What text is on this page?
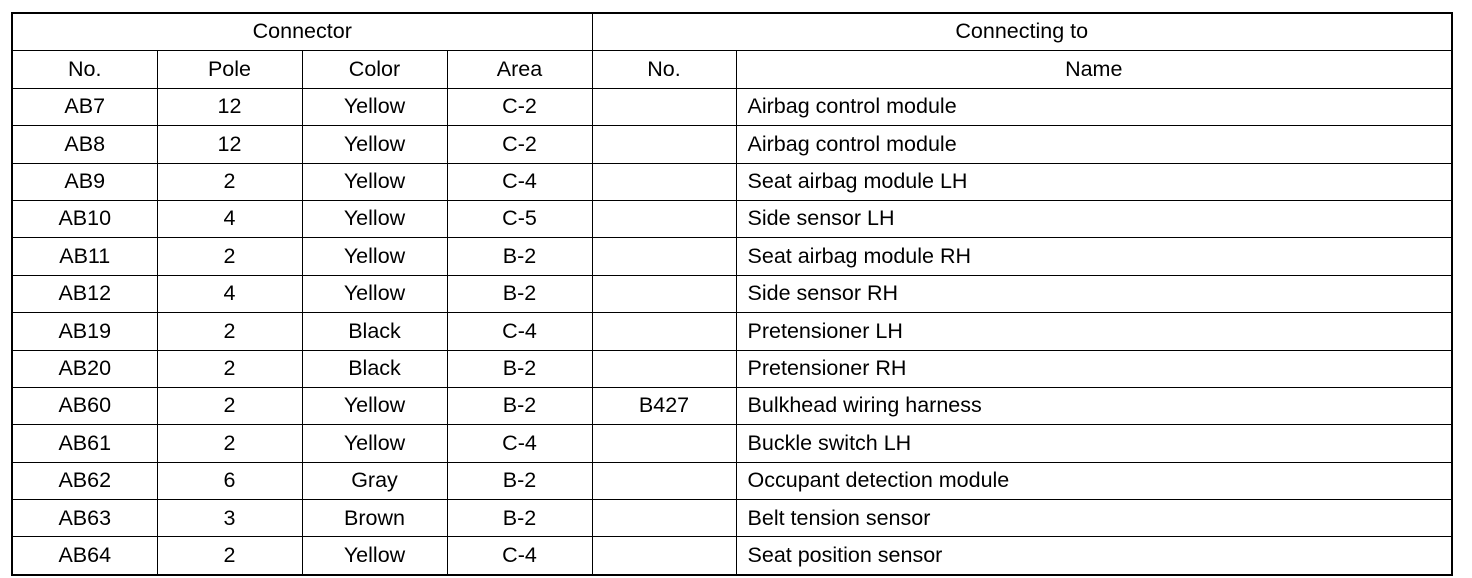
Connector				Connecting to	
No.	Pole	Color	Area	No.	Name
AB7	12	Yellow	C-2		Airbag control module
AB8	12	Yellow	C-2		Airbag control module
AB9	2	Yellow	C-4		Seat airbag module LH
AB10	4	Yellow	C-5		Side sensor LH
AB11	2	Yellow	B-2		Seat airbag module RH
AB12	4	Yellow	B-2		Side sensor RH
AB19	2	Black	C-4		Pretensioner LH
AB20	2	Black	B-2		Pretensioner RH
AB60	2	Yellow	B-2	B427	Bulkhead wiring harness
AB61	2	Yellow	C-4		Buckle switch LH
AB62	6	Gray	B-2		Occupant detection module
AB63	3	Brown	B-2		Belt tension sensor
AB64	2	Yellow	C-4		Seat position sensor
